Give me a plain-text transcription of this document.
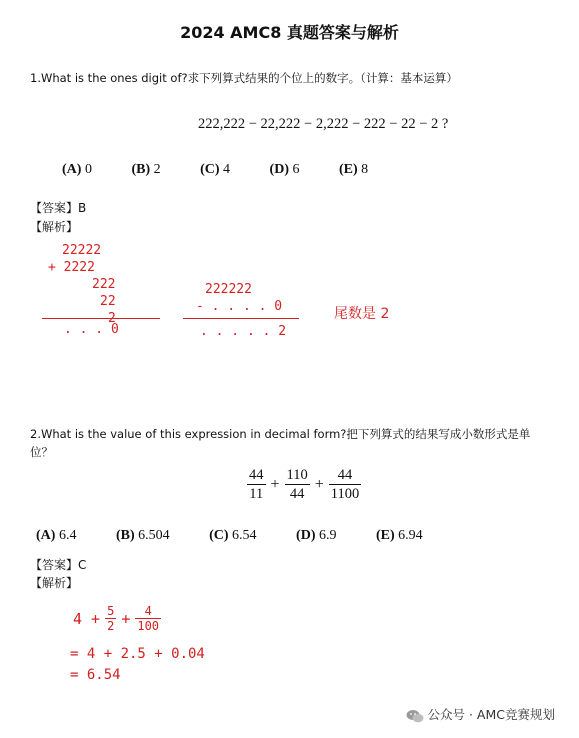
2024 AMC8 真题答案与解析
1.What is the ones digit of?求下列算式结果的个位上的数字。（计算：基本运算）
222,222 − 22,222 − 2,222 − 222 − 22 − 2 ?
(A) 0	(B) 2	(C) 4	(D) 6	(E) 8
【答案】B
【解析】
22222
+ 2222
222
22
2
. . . 0
222222
- . . . . 0
. . . . . 2
尾数是 2
2.What is the value of this expression in decimal form?把下列算式的结果写成小数形式是单
位？
$\frac{44}{11} + \frac{110}{44} + \frac{44}{1100}$
(A) 6.4	(B) 6.504	(C) 6.54	(D) 6.9	(E) 6.94
【答案】C
【解析】
$4 + \frac{5}{2} + \frac{4}{100}$
= 4 + 2.5 + 0.04
= 6.54
公众号 · AMC竞赛规划
